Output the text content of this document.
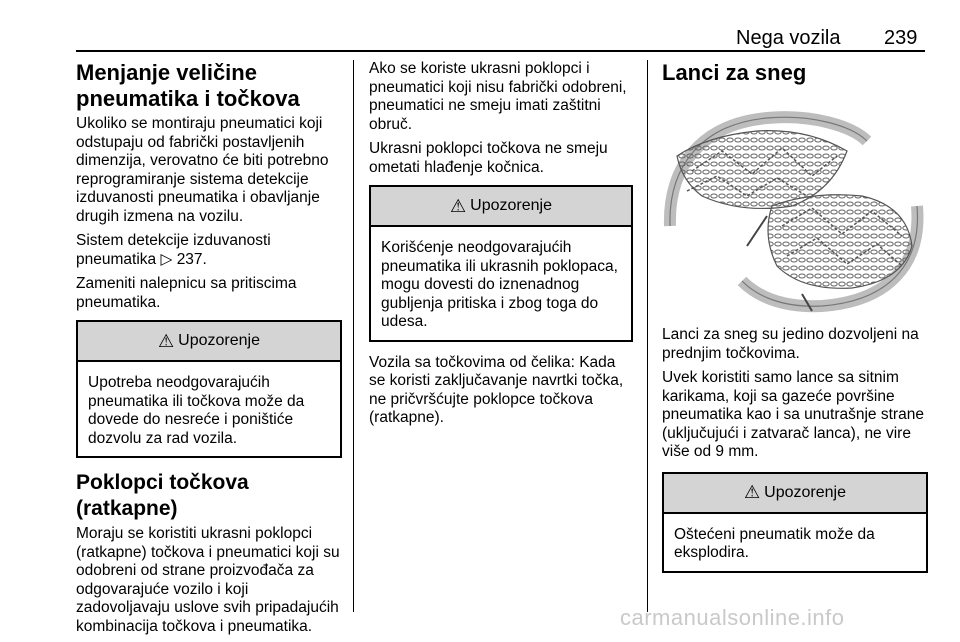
Nega vozila 239
Menjanje veličine pneumatika i točkova

Ukoliko se montiraju pneumatici koji odstupaju od fabrički postavljenih dimenzija, verovatno će biti potrebno reprogramiranje sistema detekcije izduvanosti pneumatika i obavljanje drugih izmena na vozilu.

Sistem detekcije izduvanosti pneumatika ▷ 237.

Zameniti nalepnicu sa pritiscima pneumatika.

⚠ Upozorenje
Upotreba neodgovarajućih pneumatika ili točkova može da dovede do nesreće i poništiće dozvolu za rad vozila.
Poklopci točkova (ratkapne)

Moraju se koristiti ukrasni poklopci (ratkapne) točkova i pneumatici koji su odobreni od strane proizvođača za odgovarajuće vozilo i koji zadovoljavaju uslove svih pripadajućih kombinacija točkova i pneumatika.

Ako se koriste ukrasni poklopci i pneumatici koji nisu fabrički odobreni, pneumatici ne smeju imati zaštitni obruč.

Ukrasni poklopci točkova ne smeju ometati hlađenje kočnica.

⚠ Upozorenje
Korišćenje neodgovarajućih pneumatika ili ukrasnih poklopaca, mogu dovesti do iznenadnog gubljenja pritiska i zbog toga do udesa.

Vozila sa točkovima od čelika: Kada se koristi zaključavanje navrtki točka, ne pričvršćujte poklopce točkova (ratkapne).

Lanci za sneg

Lanci za sneg su jedino dozvoljeni na prednjim točkovima.

Uvek koristiti samo lance sa sitnim karikama, koji sa gazeće površine pneumatika kao i sa unutrašnje strane (uključujući i zatvarač lanca), ne vire više od 9 mm.

⚠ Upozorenje
Oštećeni pneumatik može da eksplodira.
carmanualsonline.info
